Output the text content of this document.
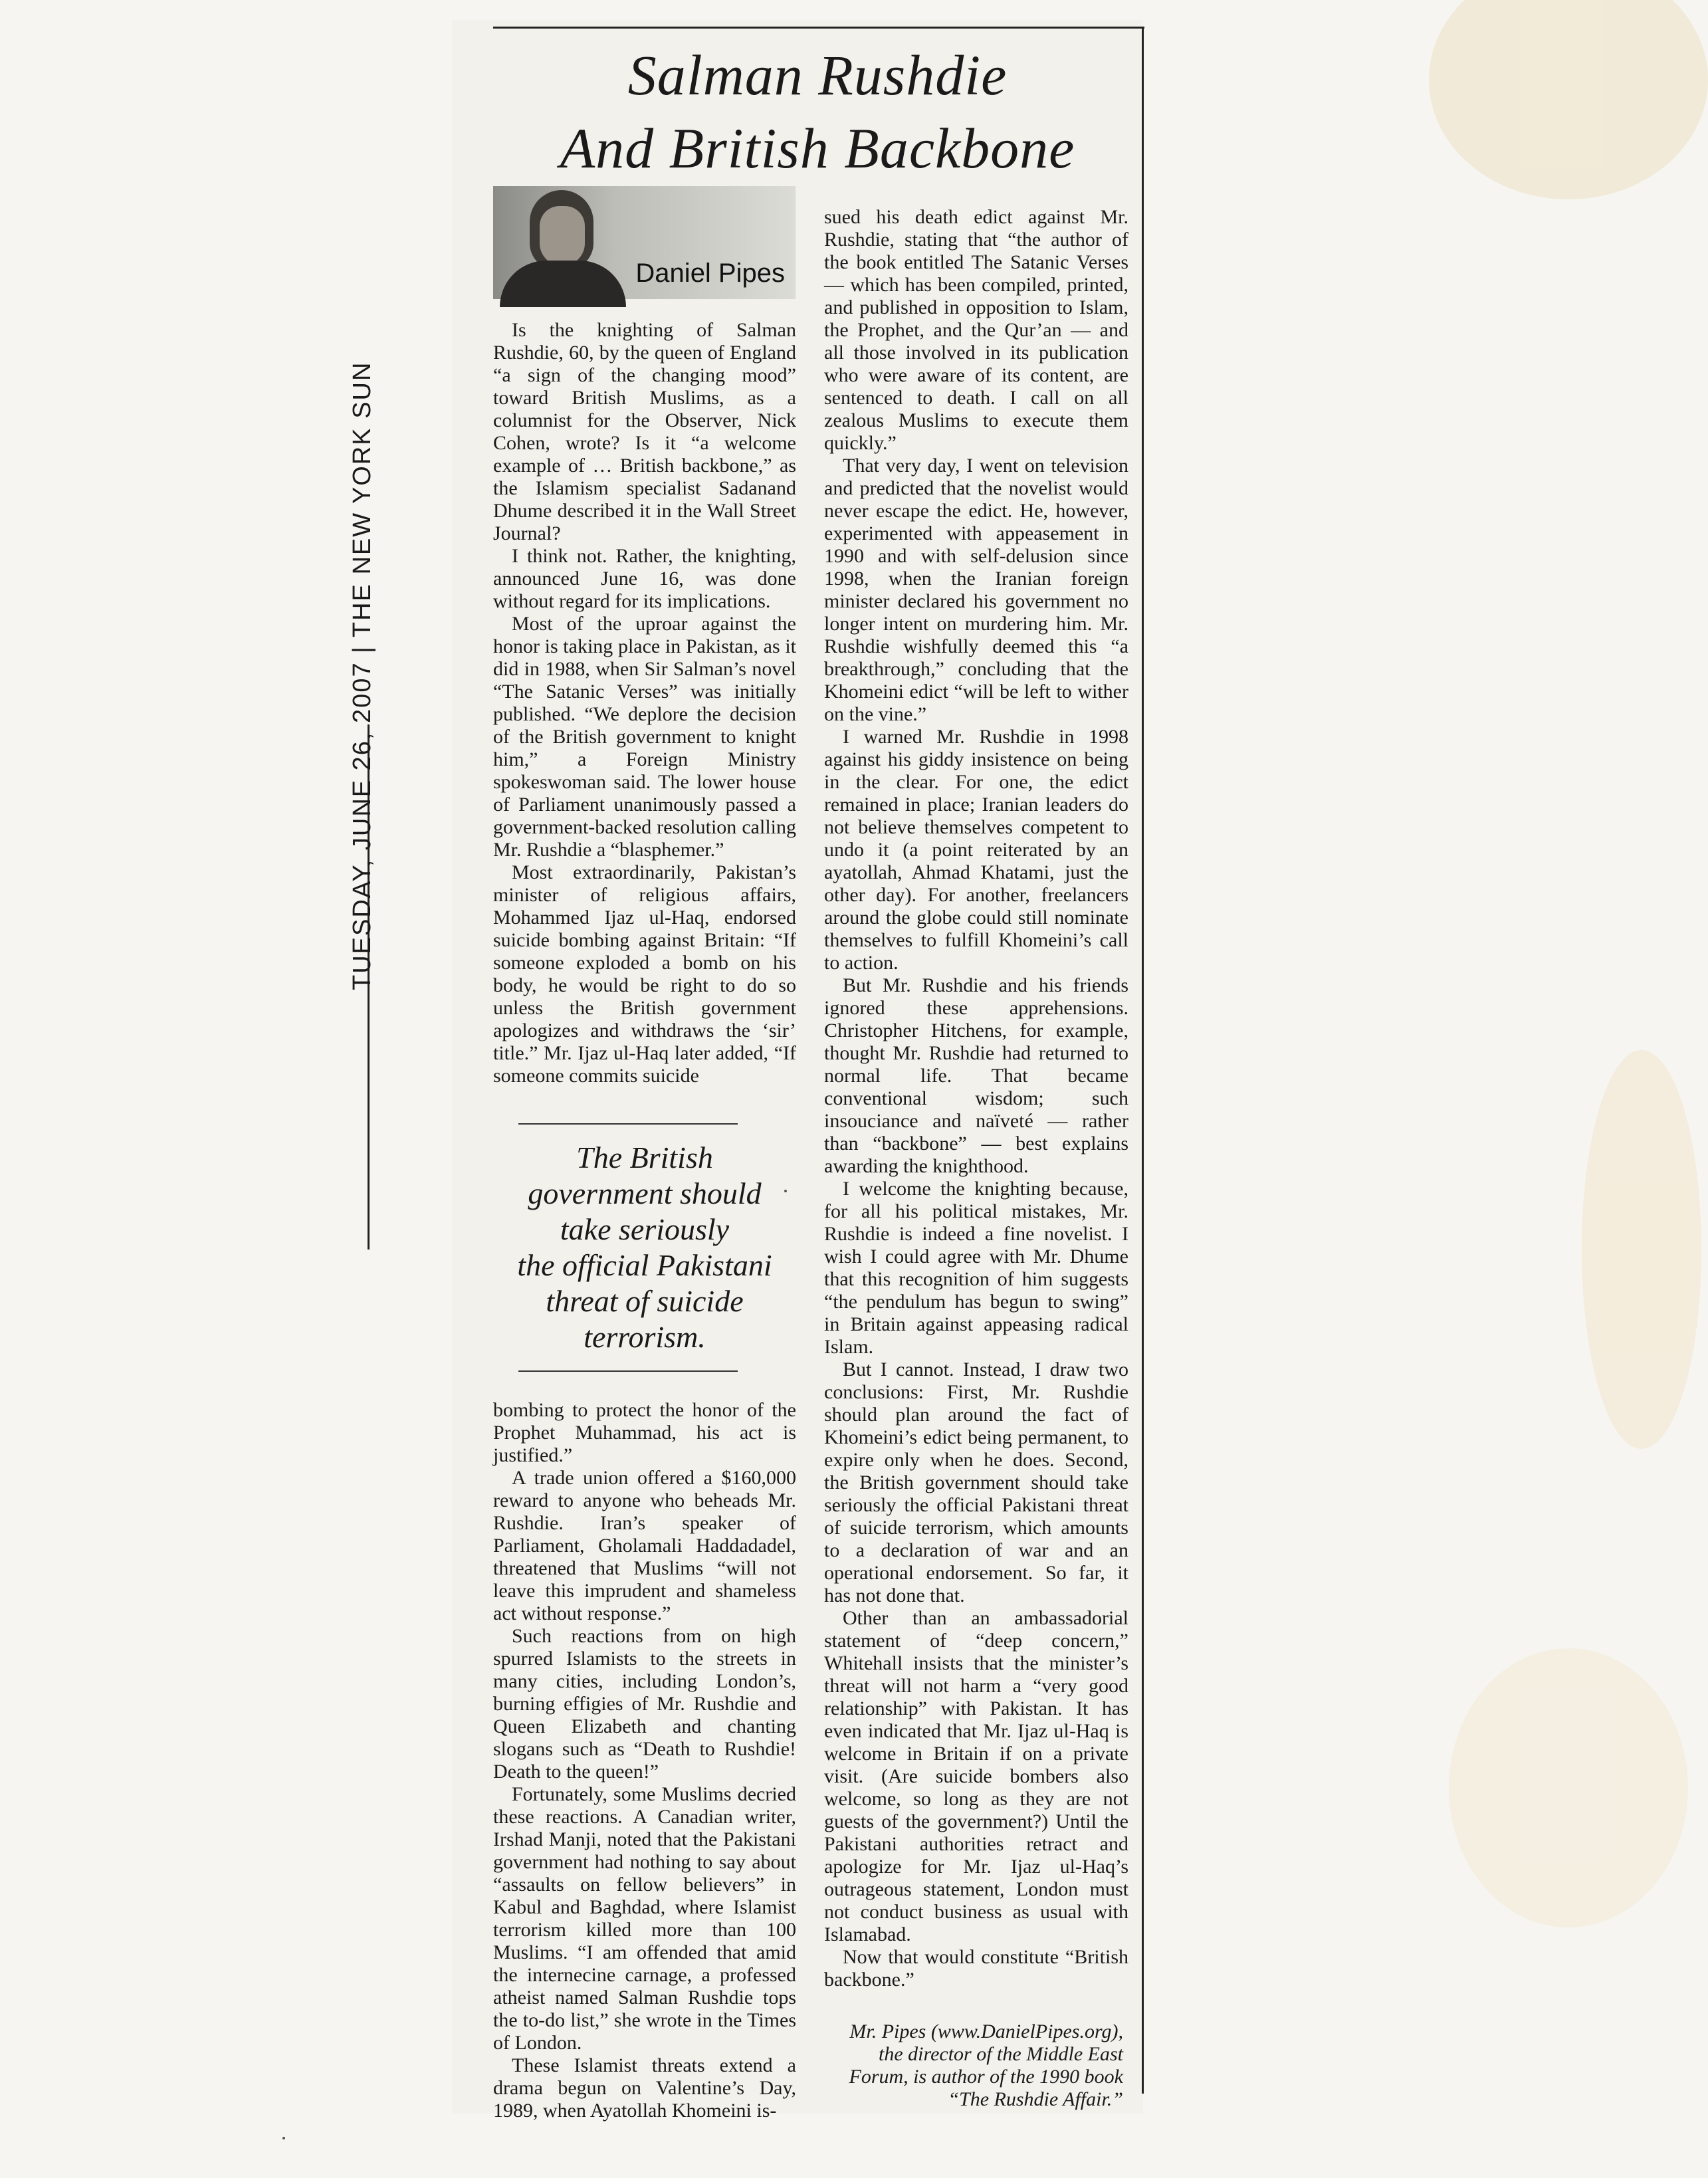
TUESDAY, JUNE 26, 2007 | THE NEW YORK SUN
Salman Rushdie
And British Backbone
Daniel Pipes

Is the knighting of Salman Rushdie, 60, by the queen of England “a sign of the changing mood” toward British Muslims, as a columnist for the Observer, Nick Cohen, wrote? Is it “a welcome example of … British backbone,” as the Islamism specialist Sadanand Dhume described it in the Wall Street Journal?

I think not. Rather, the knighting, announced June 16, was done without regard for its implications.

Most of the uproar against the honor is taking place in Pakistan, as it did in 1988, when Sir Salman’s novel “The Satanic Verses” was initially published. “We deplore the decision of the British government to knight him,” a Foreign Ministry spokeswoman said. The lower house of Parliament unanimously passed a government-backed resolution calling Mr. Rushdie a “blasphemer.”

Most extraordinarily, Pakistan’s minister of religious affairs, Mohammed Ijaz ul-Haq, endorsed suicide bombing against Britain: “If someone exploded a bomb on his body, he would be right to do so unless the British government apologizes and withdraws the ‘sir’ title.” Mr. Ijaz ul-Haq later added, “If someone commits suicide

The British
government should
take seriously
the official Pakistani
threat of suicide
terrorism.

bombing to protect the honor of the Prophet Muhammad, his act is justified.”

A trade union offered a $160,000 reward to anyone who beheads Mr. Rushdie. Iran’s speaker of Parliament, Gholamali Haddadadel, threatened that Muslims “will not leave this imprudent and shameless act without response.”

Such reactions from on high spurred Islamists to the streets in many cities, including London’s, burning effigies of Mr. Rushdie and Queen Elizabeth and chanting slogans such as “Death to Rushdie! Death to the queen!”

Fortunately, some Muslims decried these reactions. A Canadian writer, Irshad Manji, noted that the Pakistani government had nothing to say about “assaults on fellow believers” in Kabul and Baghdad, where Islamist terrorism killed more than 100 Muslims. “I am offended that amid the internecine carnage, a professed atheist named Salman Rushdie tops the to-do list,” she wrote in the Times of London.

These Islamist threats extend a drama begun on Valentine’s Day, 1989, when Ayatollah Khomeini is-

sued his death edict against Mr. Rushdie, stating that “the author of the book entitled The Satanic Verses — which has been compiled, printed, and published in opposition to Islam, the Prophet, and the Qur’an — and all those involved in its publication who were aware of its content, are sentenced to death. I call on all zealous Muslims to execute them quickly.”

That very day, I went on television and predicted that the novelist would never escape the edict. He, however, experimented with appeasement in 1990 and with self-delusion since 1998, when the Iranian foreign minister declared his government no longer intent on murdering him. Mr. Rushdie wishfully deemed this “a breakthrough,” concluding that the Khomeini edict “will be left to wither on the vine.”

I warned Mr. Rushdie in 1998 against his giddy insistence on being in the clear. For one, the edict remained in place; Iranian leaders do not believe themselves competent to undo it (a point reiterated by an ayatollah, Ahmad Khatami, just the other day). For another, freelancers around the globe could still nominate themselves to fulfill Khomeini’s call to action.

But Mr. Rushdie and his friends ignored these apprehensions. Christopher Hitchens, for example, thought Mr. Rushdie had returned to normal life. That became conventional wisdom; such insouciance and naïveté — rather than “backbone” — best explains awarding the knighthood.

I welcome the knighting because, for all his political mistakes, Mr. Rushdie is indeed a fine novelist. I wish I could agree with Mr. Dhume that this recognition of him suggests “the pendulum has begun to swing” in Britain against appeasing radical Islam.

But I cannot. Instead, I draw two conclusions: First, Mr. Rushdie should plan around the fact of Khomeini’s edict being permanent, to expire only when he does. Second, the British government should take seriously the official Pakistani threat of suicide terrorism, which amounts to a declaration of war and an operational endorsement. So far, it has not done that.

Other than an ambassadorial statement of “deep concern,” Whitehall insists that the minister’s threat will not harm a “very good relationship” with Pakistan. It has even indicated that Mr. Ijaz ul-Haq is welcome in Britain if on a private visit. (Are suicide bombers also welcome, so long as they are not guests of the government?) Until the Pakistani authorities retract and apologize for Mr. Ijaz ul-Haq’s outrageous statement, London must not conduct business as usual with Islamabad.

Now that would constitute “British backbone.”

Mr. Pipes (www.DanielPipes.org), the director of the Middle East Forum, is author of the 1990 book “The Rushdie Affair.”
